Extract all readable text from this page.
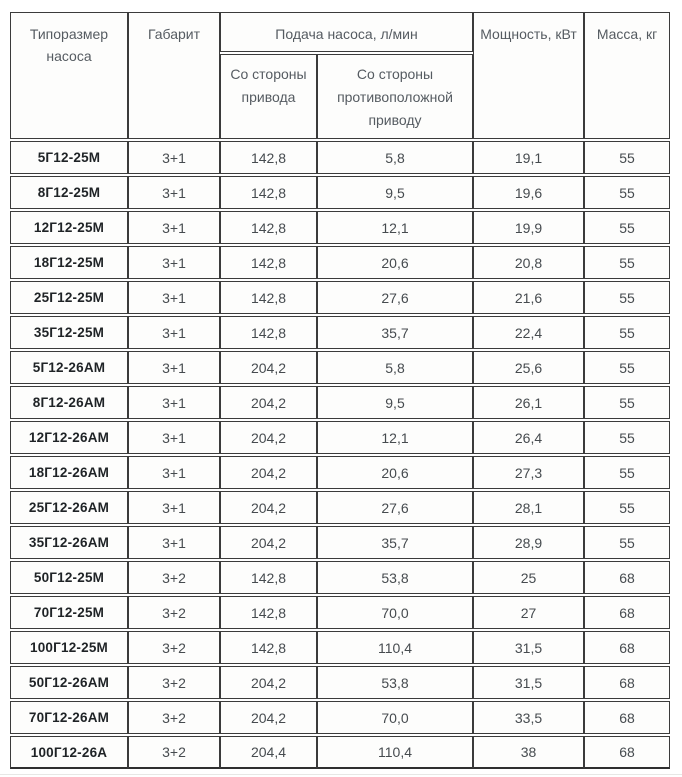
Типоразмер насоса	Габарит	Подача насоса, л/мин		Мощность, кВт	Масса, кг
		Со стороны привода	Со стороны противоположной приводу		
5Г12-25М	3+1	142,8	5,8	19,1	55
8Г12-25М	3+1	142,8	9,5	19,6	55
12Г12-25М	3+1	142,8	12,1	19,9	55
18Г12-25М	3+1	142,8	20,6	20,8	55
25Г12-25М	3+1	142,8	27,6	21,6	55
35Г12-25М	3+1	142,8	35,7	22,4	55
5Г12-26АМ	3+1	204,2	5,8	25,6	55
8Г12-26АМ	3+1	204,2	9,5	26,1	55
12Г12-26АМ	3+1	204,2	12,1	26,4	55
18Г12-26АМ	3+1	204,2	20,6	27,3	55
25Г12-26АМ	3+1	204,2	27,6	28,1	55
35Г12-26АМ	3+1	204,2	35,7	28,9	55
50Г12-25М	3+2	142,8	53,8	25	68
70Г12-25М	3+2	142,8	70,0	27	68
100Г12-25М	3+2	142,8	110,4	31,5	68
50Г12-26АМ	3+2	204,2	53,8	31,5	68
70Г12-26АМ	3+2	204,2	70,0	33,5	68
100Г12-26А	3+2	204,4	110,4	38	68
